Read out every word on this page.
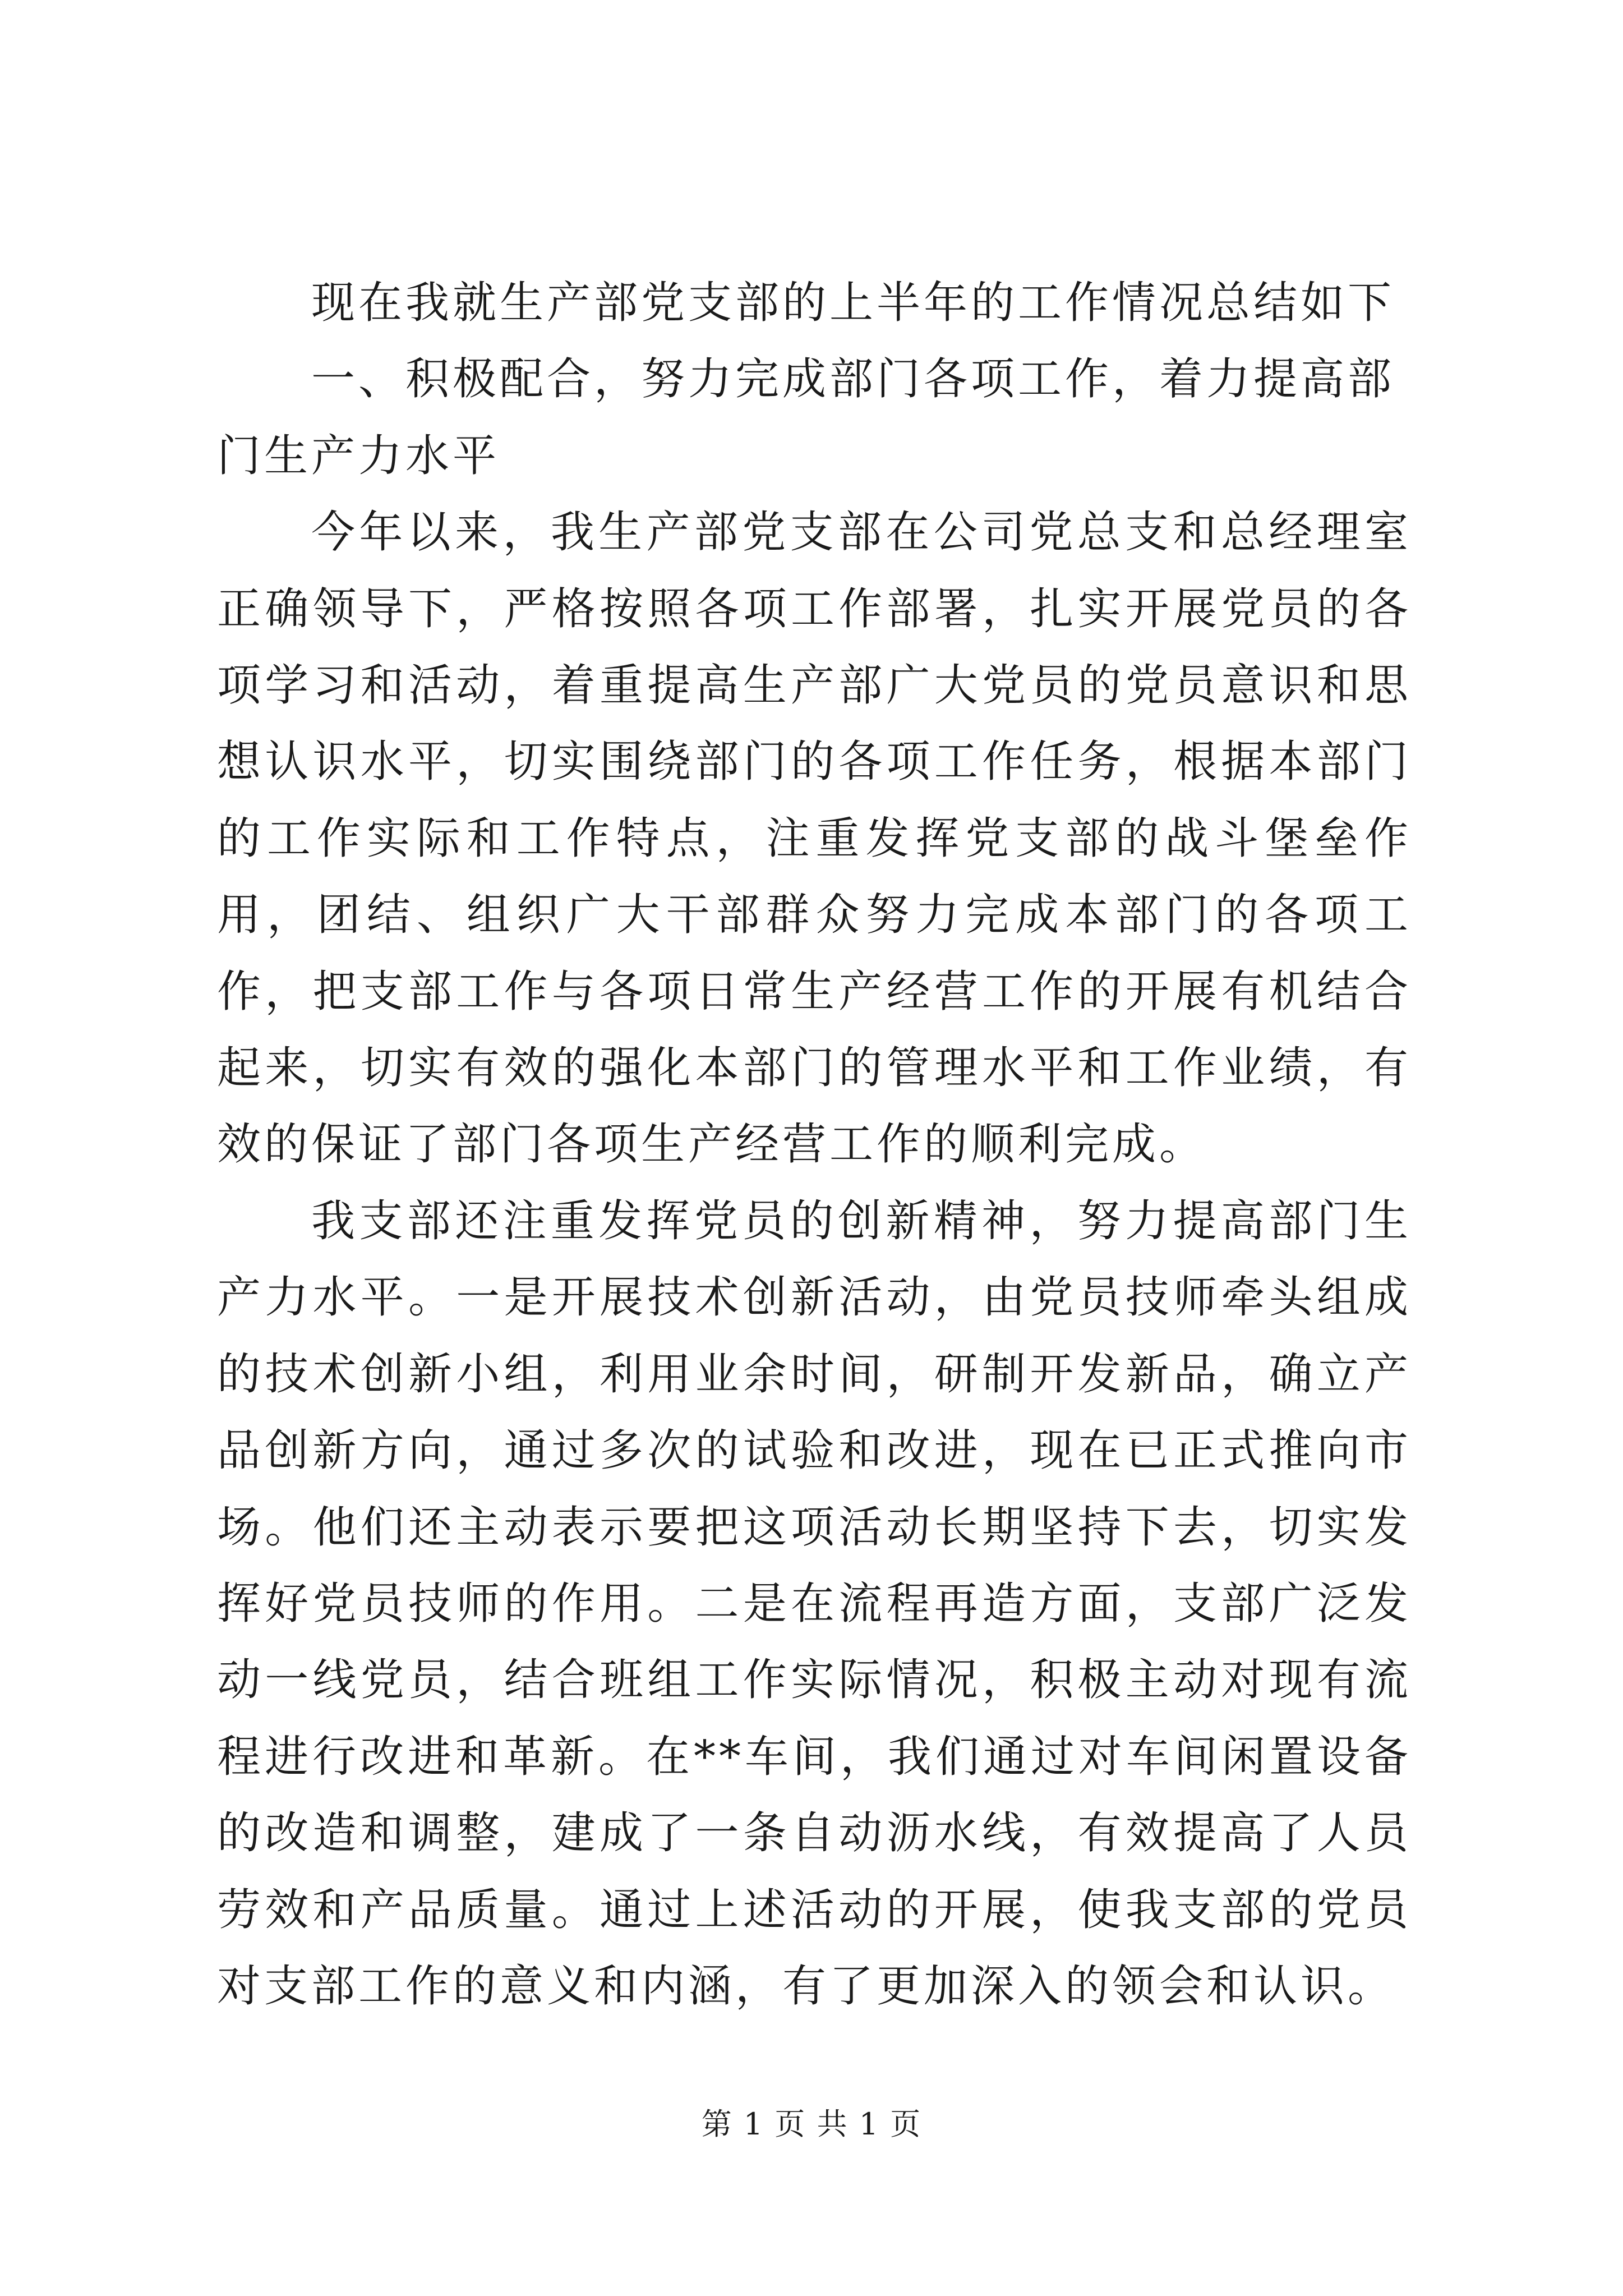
现在我就生产部党支部的上半年的工作情况总结如下

一、积极配合，努力完成部门各项工作，着力提高部门生产力水平

今年以来，我生产部党支部在公司党总支和总经理室正确领导下，严格按照各项工作部署，扎实开展党员的各项学习和活动，着重提高生产部广大党员的党员意识和思想认识水平，切实围绕部门的各项工作任务，根据本部门的工作实际和工作特点，注重发挥党支部的战斗堡垒作用，团结、组织广大干部群众努力完成本部门的各项工作，把支部工作与各项日常生产经营工作的开展有机结合起来，切实有效的强化本部门的管理水平和工作业绩，有效的保证了部门各项生产经营工作的顺利完成。

我支部还注重发挥党员的创新精神，努力提高部门生产力水平。一是开展技术创新活动，由党员技师牵头组成的技术创新小组，利用业余时间，研制开发新品，确立产品创新方向，通过多次的试验和改进，现在已正式推向市场。他们还主动表示要把这项活动长期坚持下去，切实发挥好党员技师的作用。二是在流程再造方面，支部广泛发动一线党员，结合班组工作实际情况，积极主动对现有流程进行改进和革新。在**车间，我们通过对车间闲置设备的改造和调整，建成了一条自动沥水线，有效提高了人员劳效和产品质量。通过上述活动的开展，使我支部的党员对支部工作的意义和内涵，有了更加深入的领会和认识。

第 1 页 共 1 页
